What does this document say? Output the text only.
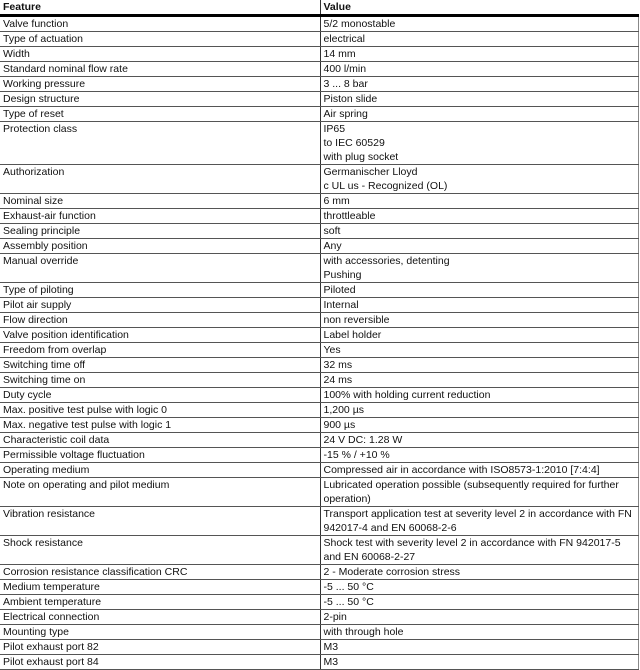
Feature	Value
Valve function	5/2 monostable

Type of actuation	electrical

Width	14 mm

Standard nominal flow rate	400 l/min

Working pressure	3 ... 8 bar

Design structure	Piston slide

Type of reset	Air spring

Protection class	IP65
to IEC 60529
with plug socket

Authorization	Germanischer Lloyd
c UL us - Recognized (OL)

Nominal size	6 mm

Exhaust-air function	throttleable

Sealing principle	soft

Assembly position	Any

Manual override	with accessories, detenting
Pushing

Type of piloting	Piloted

Pilot air supply	Internal

Flow direction	non reversible

Valve position identification	Label holder

Freedom from overlap	Yes

Switching time off	32 ms

Switching time on	24 ms

Duty cycle	100% with holding current reduction

Max. positive test pulse with logic 0	1,200 µs

Max. negative test pulse with logic 1	900 µs

Characteristic coil data	24 V DC: 1.28 W

Permissible voltage fluctuation	-15 % / +10 %

Operating medium	Compressed air in accordance with ISO8573-1:2010 [7:4:4]

Note on operating and pilot medium	Lubricated operation possible (subsequently required for further operation)

Vibration resistance	Transport application test at severity level 2 in accordance with FN 942017-4 and EN 60068-2-6

Shock resistance	Shock test with severity level 2 in accordance with FN 942017-5 and EN 60068-2-27

Corrosion resistance classification CRC	2 - Moderate corrosion stress

Medium temperature	-5 ... 50 °C

Ambient temperature	-5 ... 50 °C

Electrical connection	2-pin

Mounting type	with through hole

Pilot exhaust port 82	M3

Pilot exhaust port 84	M3
